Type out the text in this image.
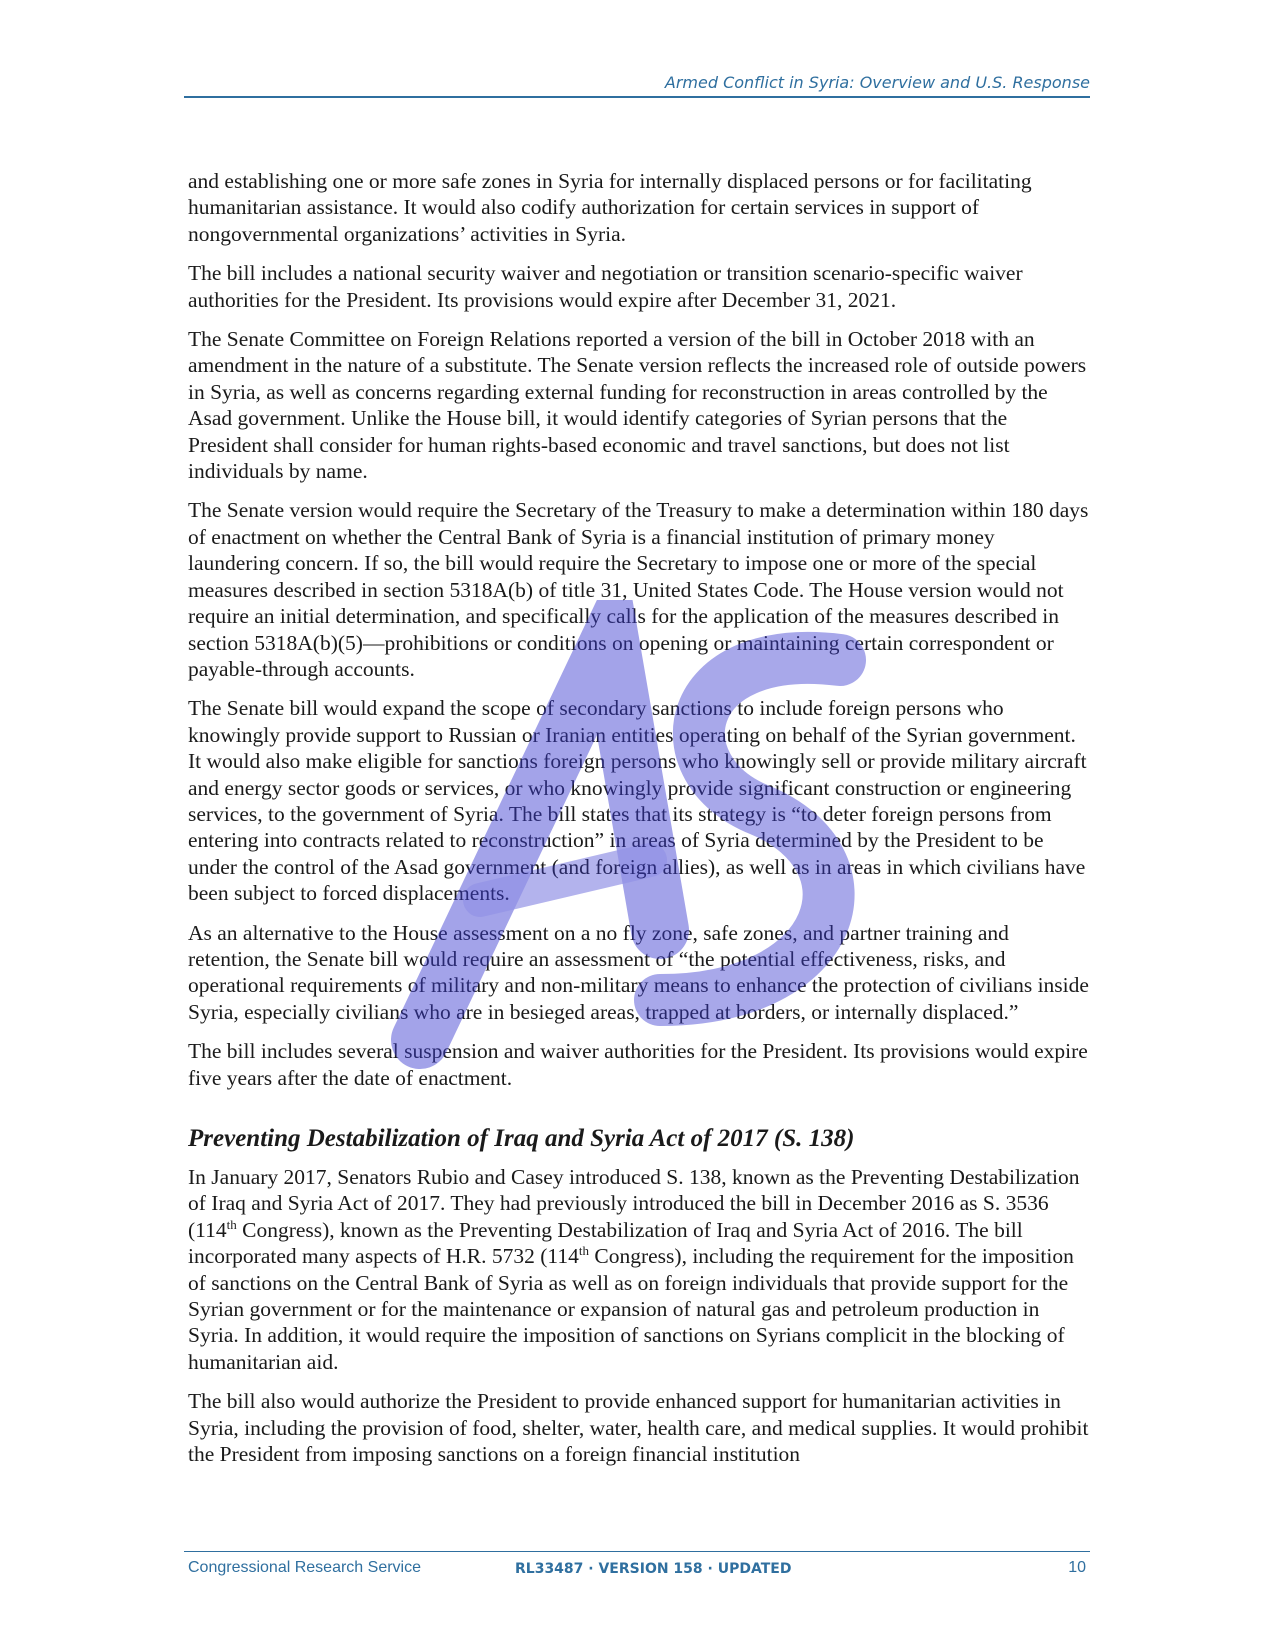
Armed Conflict in Syria: Overview and U.S. Response

and establishing one or more safe zones in Syria for internally displaced persons or for facilitating humanitarian assistance. It would also codify authorization for certain services in support of nongovernmental organizations’ activities in Syria.

The bill includes a national security waiver and negotiation or transition scenario-specific waiver authorities for the President. Its provisions would expire after December 31, 2021.

The Senate Committee on Foreign Relations reported a version of the bill in October 2018 with an amendment in the nature of a substitute. The Senate version reflects the increased role of outside powers in Syria, as well as concerns regarding external funding for reconstruction in areas controlled by the Asad government. Unlike the House bill, it would identify categories of Syrian persons that the President shall consider for human rights-based economic and travel sanctions, but does not list individuals by name.

The Senate version would require the Secretary of the Treasury to make a determination within 180 days of enactment on whether the Central Bank of Syria is a financial institution of primary money laundering concern. If so, the bill would require the Secretary to impose one or more of the special measures described in section 5318A(b) of title 31, United States Code. The House version would not require an initial determination, and specifically calls for the application of the measures described in section 5318A(b)(5)—prohibitions or conditions on opening or maintaining certain correspondent or payable-through accounts.

The Senate bill would expand the scope of secondary sanctions to include foreign persons who knowingly provide support to Russian or Iranian entities operating on behalf of the Syrian government. It would also make eligible for sanctions foreign persons who knowingly sell or provide military aircraft and energy sector goods or services, or who knowingly provide significant construction or engineering services, to the government of Syria. The bill states that its strategy is “to deter foreign persons from entering into contracts related to reconstruction” in areas of Syria determined by the President to be under the control of the Asad government (and foreign allies), as well as in areas in which civilians have been subject to forced displacements.

As an alternative to the House assessment on a no fly zone, safe zones, and partner training and retention, the Senate bill would require an assessment of “the potential effectiveness, risks, and operational requirements of military and non-military means to enhance the protection of civilians inside Syria, especially civilians who are in besieged areas, trapped at borders, or internally displaced.”

The bill includes several suspension and waiver authorities for the President. Its provisions would expire five years after the date of enactment.

Preventing Destabilization of Iraq and Syria Act of 2017 (S. 138)

In January 2017, Senators Rubio and Casey introduced S. 138, known as the Preventing Destabilization of Iraq and Syria Act of 2017. They had previously introduced the bill in December 2016 as S. 3536 (114th Congress), known as the Preventing Destabilization of Iraq and Syria Act of 2016. The bill incorporated many aspects of H.R. 5732 (114th Congress), including the requirement for the imposition of sanctions on the Central Bank of Syria as well as on foreign individuals that provide support for the Syrian government or for the maintenance or expansion of natural gas and petroleum production in Syria. In addition, it would require the imposition of sanctions on Syrians complicit in the blocking of humanitarian aid.

The bill also would authorize the President to provide enhanced support for humanitarian activities in Syria, including the provision of food, shelter, water, health care, and medical supplies. It would prohibit the President from imposing sanctions on a foreign financial institution

Congressional Research Service	RL33487 · VERSION 158 · UPDATED	10
